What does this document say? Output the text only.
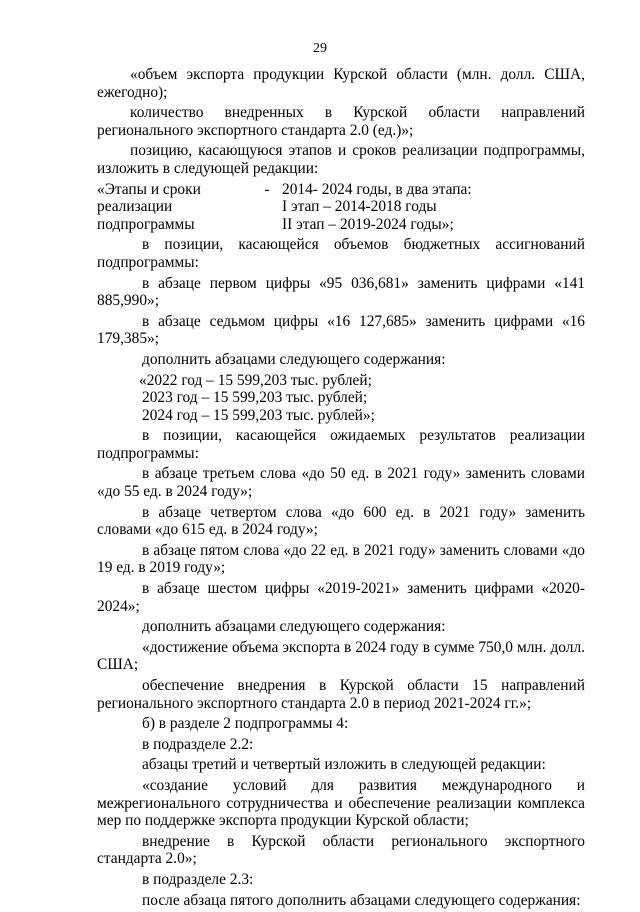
29

«объем экспорта продукции Курской области (млн. долл. США, ежегодно);

количество внедренных в Курской области направлений регионального экспортного стандарта 2.0 (ед.)»;

позицию, касающуюся этапов и сроков реализации подпрограммы, изложить в следующей редакции:

«Этапы и сроки	- 2014- 2024 годы, в два этапа:
реализации	I этап – 2014-2018 годы
подпрограммы	II этап – 2019-2024 годы»;

в позиции, касающейся объемов бюджетных ассигнований подпрограммы:

в абзаце первом цифры «95 036,681» заменить цифрами «141 885,990»;

в абзаце седьмом цифры «16 127,685» заменить цифрами «16 179,385»;

дополнить абзацами следующего содержания:

«2022 год – 15 599,203 тыс. рублей;
2023 год – 15 599,203 тыс. рублей;
2024 год – 15 599,203 тыс. рублей»;

в позиции, касающейся ожидаемых результатов реализации подпрограммы:

в абзаце третьем слова «до 50 ед. в 2021 году» заменить словами «до 55 ед. в 2024 году»;

в абзаце четвертом слова «до 600 ед. в 2021 году» заменить словами «до 615 ед. в 2024 году»;

в абзаце пятом слова «до 22 ед. в 2021 году» заменить словами «до 19 ед. в 2019 году»;

в абзаце шестом цифры «2019-2021» заменить цифрами «2020-2024»;

дополнить абзацами следующего содержания:

«достижение объема экспорта в 2024 году в сумме 750,0 млн. долл. США;

обеспечение внедрения в Курской области 15 направлений регионального экспортного стандарта 2.0 в период 2021-2024 гг.»;

б) в разделе 2 подпрограммы 4:

в подразделе 2.2:

абзацы третий и четвертый изложить в следующей редакции:

«создание условий для развития международного и межрегионального сотрудничества и обеспечение реализации комплекса мер по поддержке экспорта продукции Курской области;

внедрение в Курской области регионального экспортного стандарта 2.0»;

в подразделе 2.3:

после абзаца пятого дополнить абзацами следующего содержания:
